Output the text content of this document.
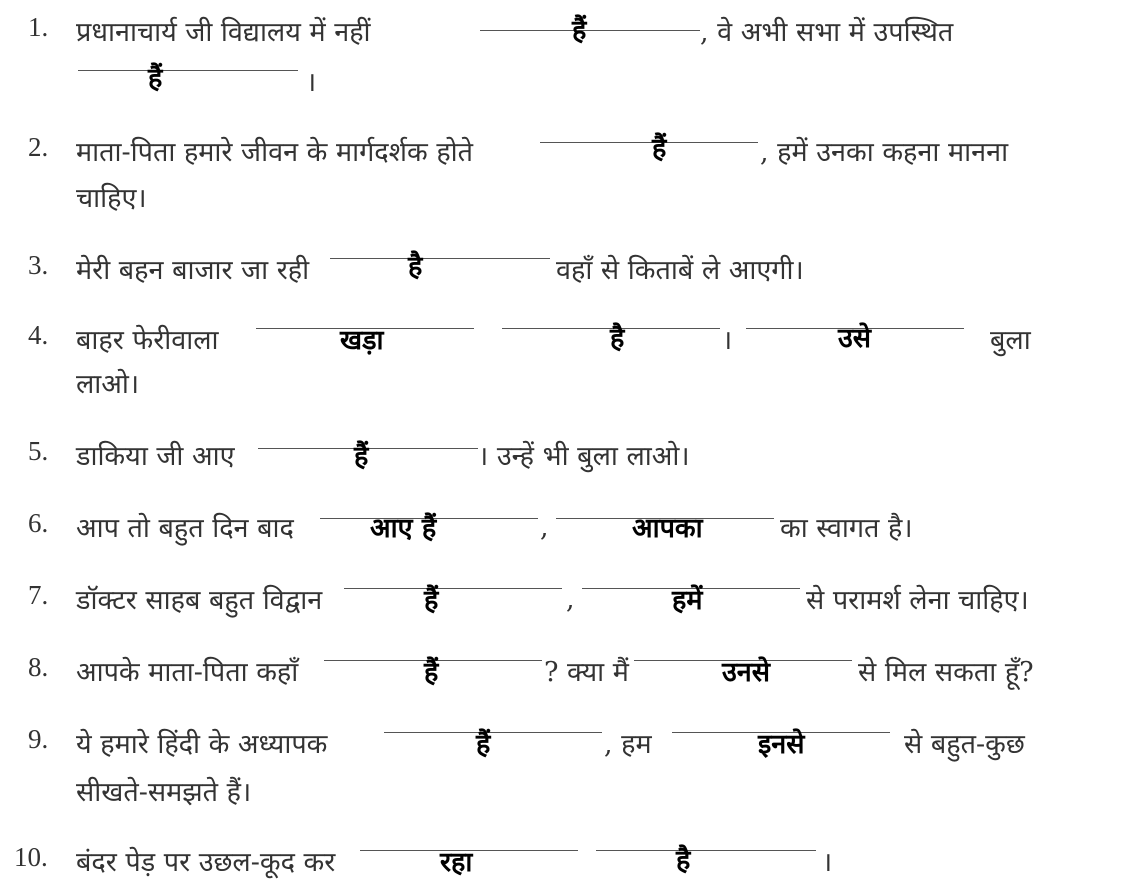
1. प्रधानाचार्य जी विद्यालय में नहीं	हैं	, वे अभी सभा में उपस्थित
हैं	।
2. माता-पिता हमारे जीवन के मार्गदर्शक होते	हैं	, हमें उनका कहना मानना
चाहिए।
3. मेरी बहन बाजार जा रही	है	वहाँ से किताबें ले आएगी।
4. बाहर फेरीवाला	खड़ा	है	।	उसे	बुला
लाओ।
5. डाकिया जी आए	हैं	। उन्हें भी बुला लाओ।
6. आप तो बहुत दिन बाद	आए हैं	,	आपका	का स्वागत है।
7. डॉक्टर साहब बहुत विद्वान	हैं	,	हमें	से परामर्श लेना चाहिए।
8. आपके माता-पिता कहाँ	हैं	? क्या मैं	उनसे	से मिल सकता हूँ?
9. ये हमारे हिंदी के अध्यापक	हैं	, हम	इनसे	से बहुत-कुछ
सीखते-समझते हैं।
10. बंदर पेड़ पर उछल-कूद कर	रहा	है	।
